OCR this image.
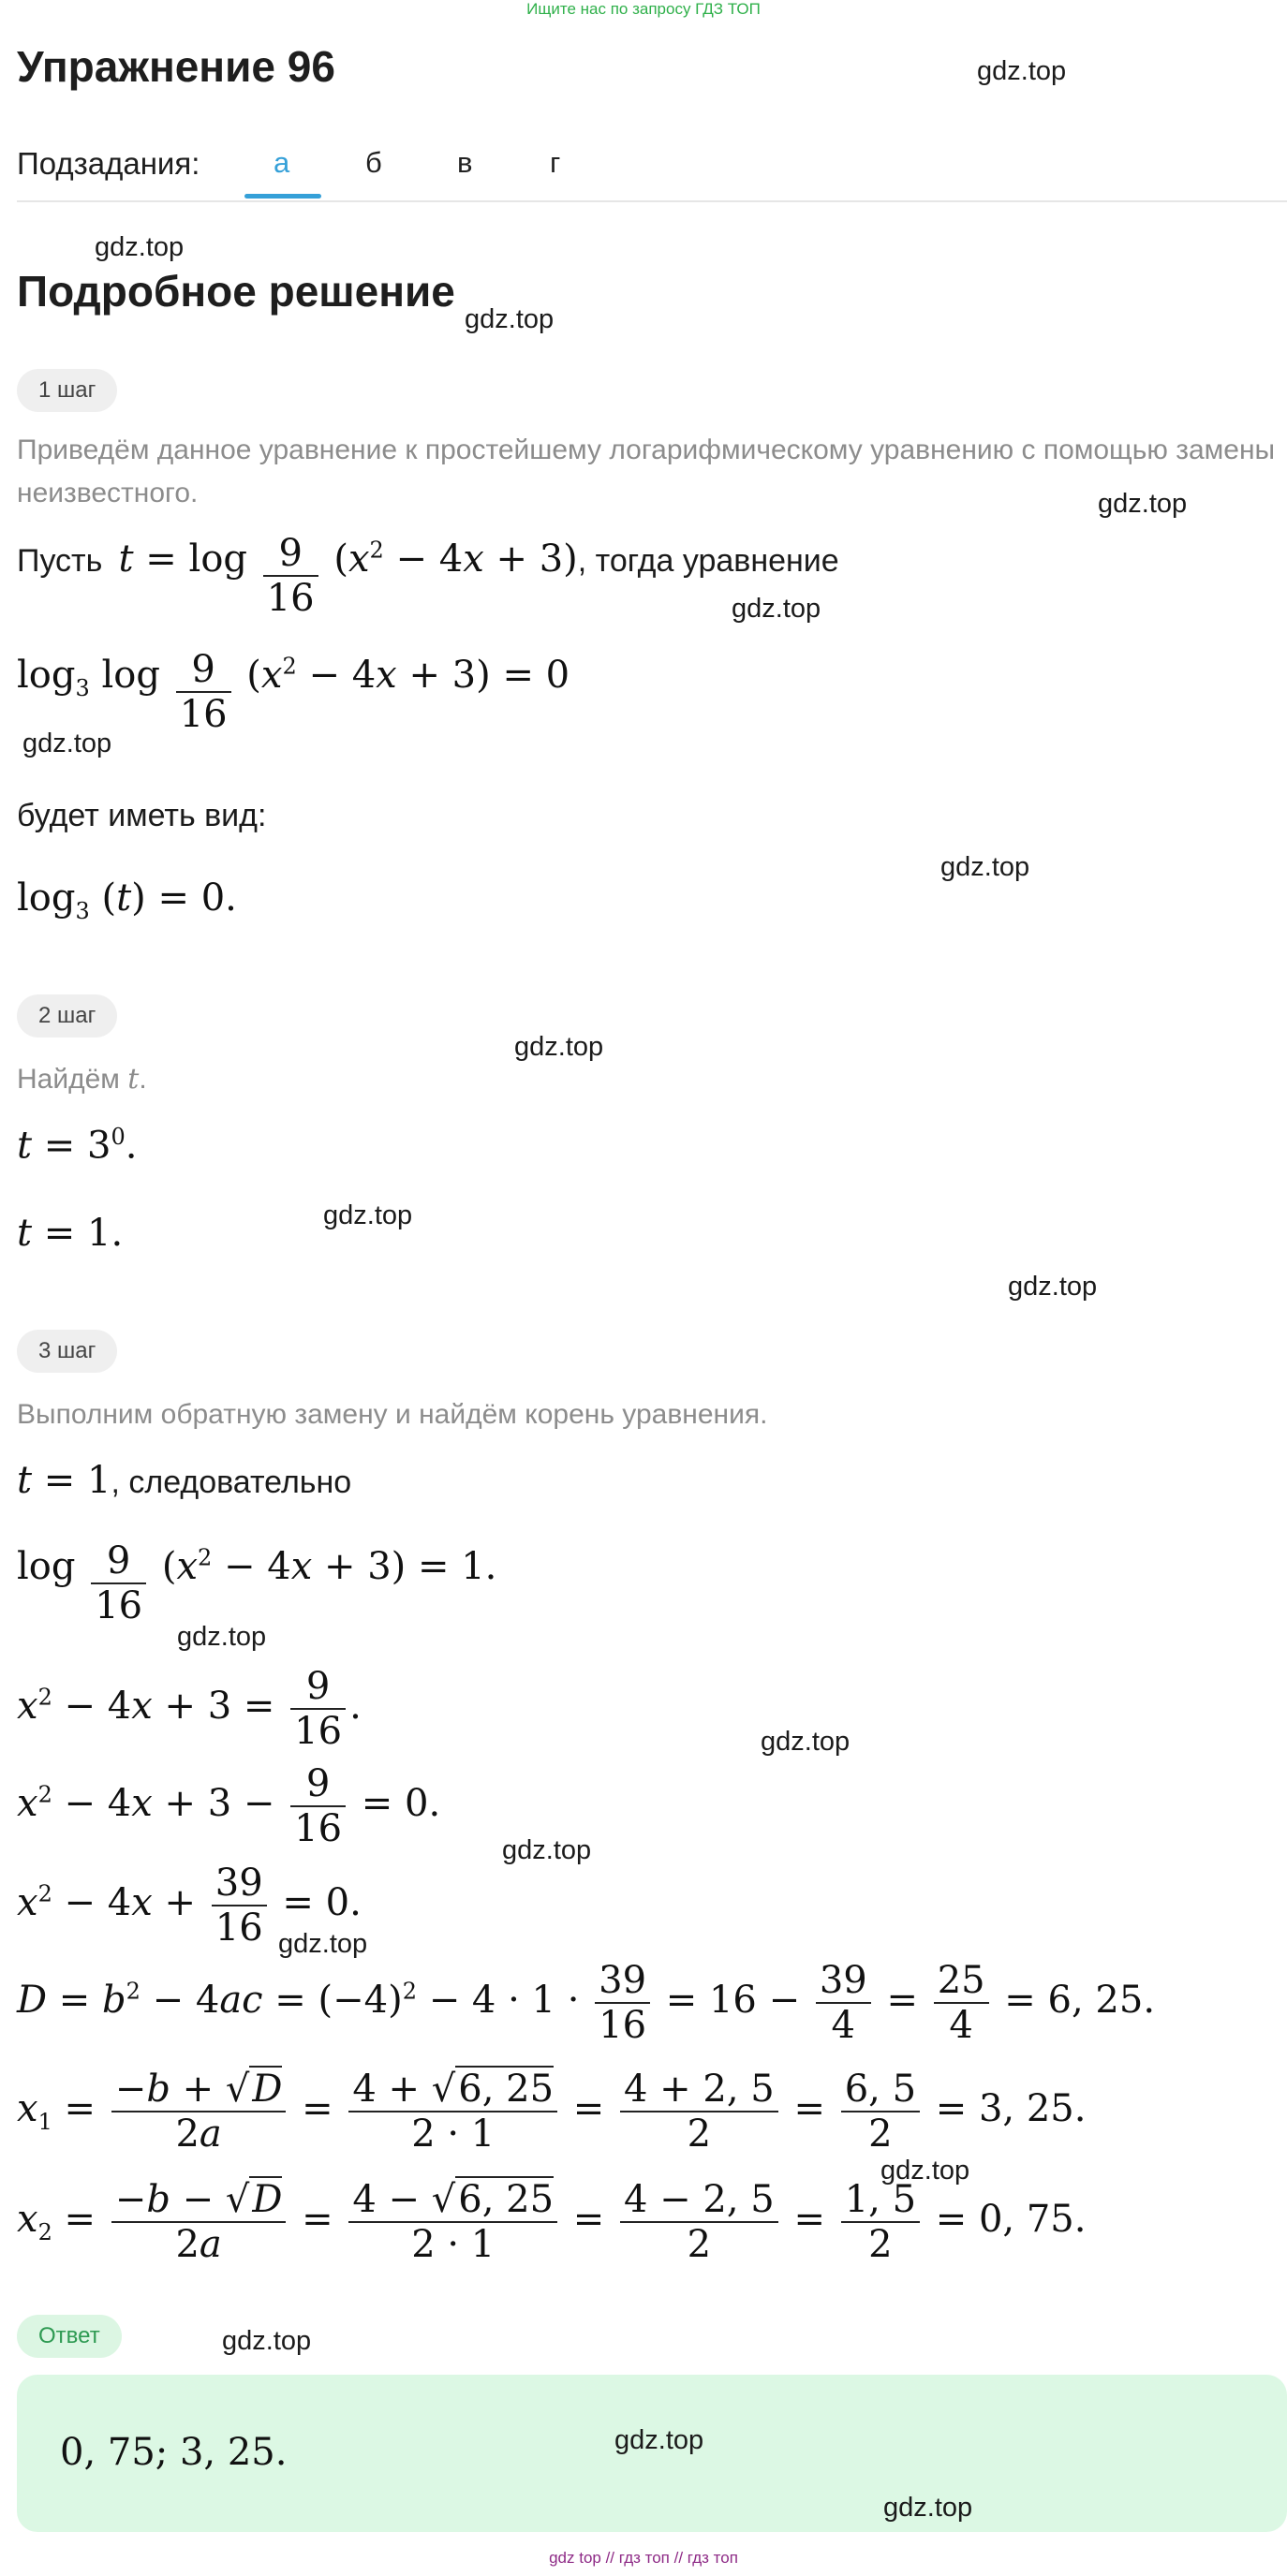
Ищите нас по запросу ГДЗ ТОП
Упражнение 96	gdz.top
Подзадания:	а	б	в	г
gdz.top
Подробное решение
gdz.top
1 шаг
Приведём данное уравнение к простейшему логарифмическому уравнению с помощью замены неизвестного.	gdz.top
Пусть $t = \log \frac{9}{16} (x^2 - 4x + 3)$, тогда уравнение
gdz.top
$\log_3 \log \frac{9}{16} (x^2 - 4x + 3) = 0$
gdz.top
будет иметь вид:
gdz.top
$\log_3 (t) = 0$.
2 шаг
gdz.top
Найдём t.
$t = 3^0$.
gdz.top
t = 1.
gdz.top
3 шаг
Выполним обратную замену и найдём корень уравнения.
t = 1, следовательно
$\log \frac{9}{16} (x^2 - 4x + 3) = 1$.
gdz.top
$x^2 - 4x + 3 = \frac{9}{16}$ .
gdz.top
$x^2 - 4x + 3 - \frac{9}{16} = 0$.
gdz.top
$x^2 - 4x + \frac{39}{16} = 0$.
gdz.top
$D = b^2 - 4ac = (-4)^2 - 4 \cdot 1 \cdot \frac{39}{16} = 16 - \frac{39}{4} = \frac{25}{4} = 6$, 25.
$x_1 = \frac{-b + √D}{2a} = \frac{4 + √6, 25}{2 \cdot 1} = \frac{4 + 2, 5}{2} = \frac{6, 5}{2} = 3$, 25.
gdz.top
$x_2 = \frac{-b - √D}{2a} = \frac{4 - √6, 25}{2 \cdot 1} = \frac{4 - 2, 5}{2} = \frac{1, 5}{2} = 0$, 75.
Ответ	gdz.top
0, 75; 3, 25.	gdz.top
gdz.top
gdz top // гдз топ // гдз топ
